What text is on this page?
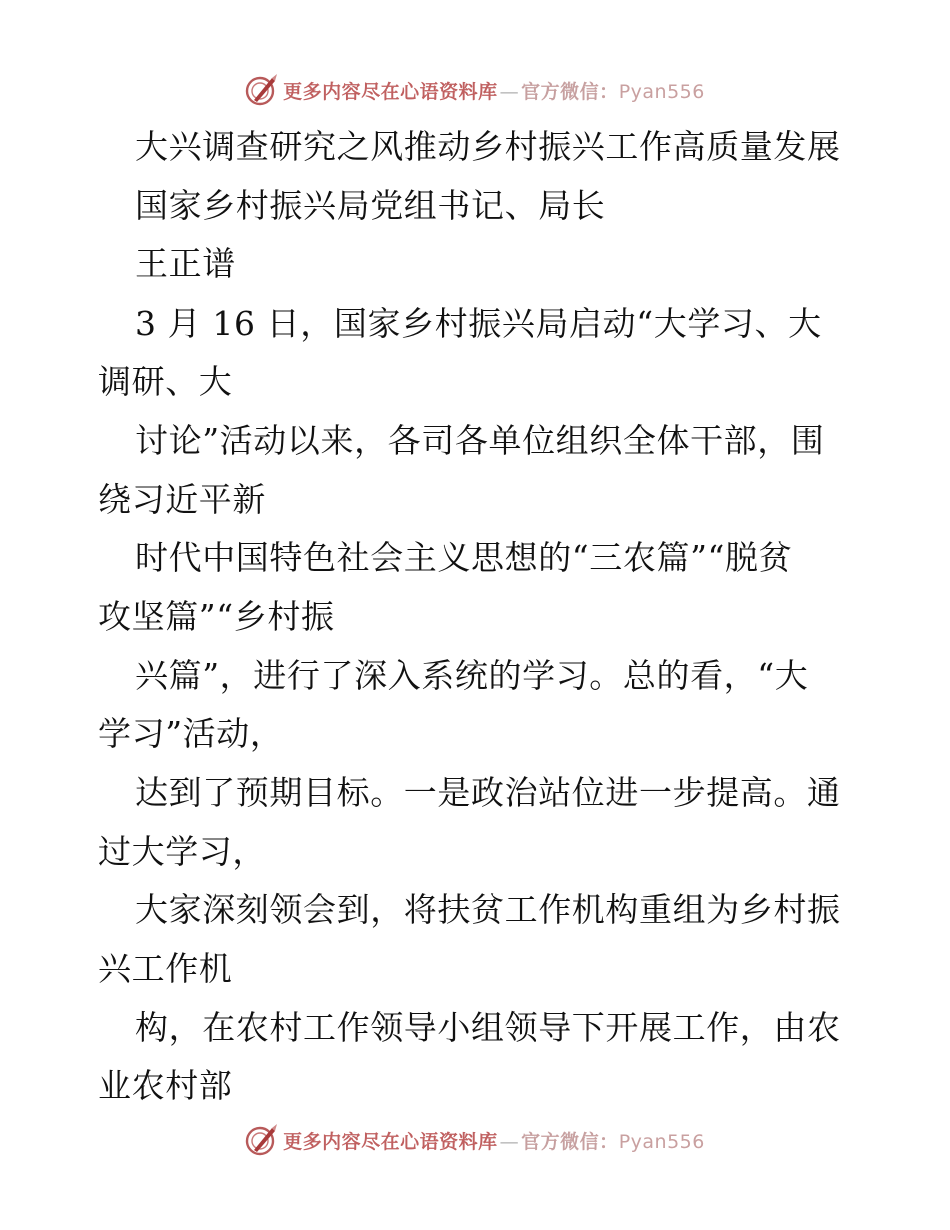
更多内容尽在心语资料库 — 官方微信：Pyan556
大兴调查研究之风推动乡村振兴工作高质量发展
国家乡村振兴局党组书记、局长
王正谱
3 月 16 日，国家乡村振兴局启动“大学习、大
调研、大
讨论”活动以来，各司各单位组织全体干部，围
绕习近平新
时代中国特色社会主义思想的“三农篇”“脱贫
攻坚篇”“乡村振
兴篇”，进行了深入系统的学习。总的看，“大
学习”活动，
达到了预期目标。一是政治站位进一步提高。通
过大学习，
大家深刻领会到，将扶贫工作机构重组为乡村振
兴工作机
构，在农村工作领导小组领导下开展工作，由农
业农村部
更多内容尽在心语资料库 — 官方微信：Pyan556
